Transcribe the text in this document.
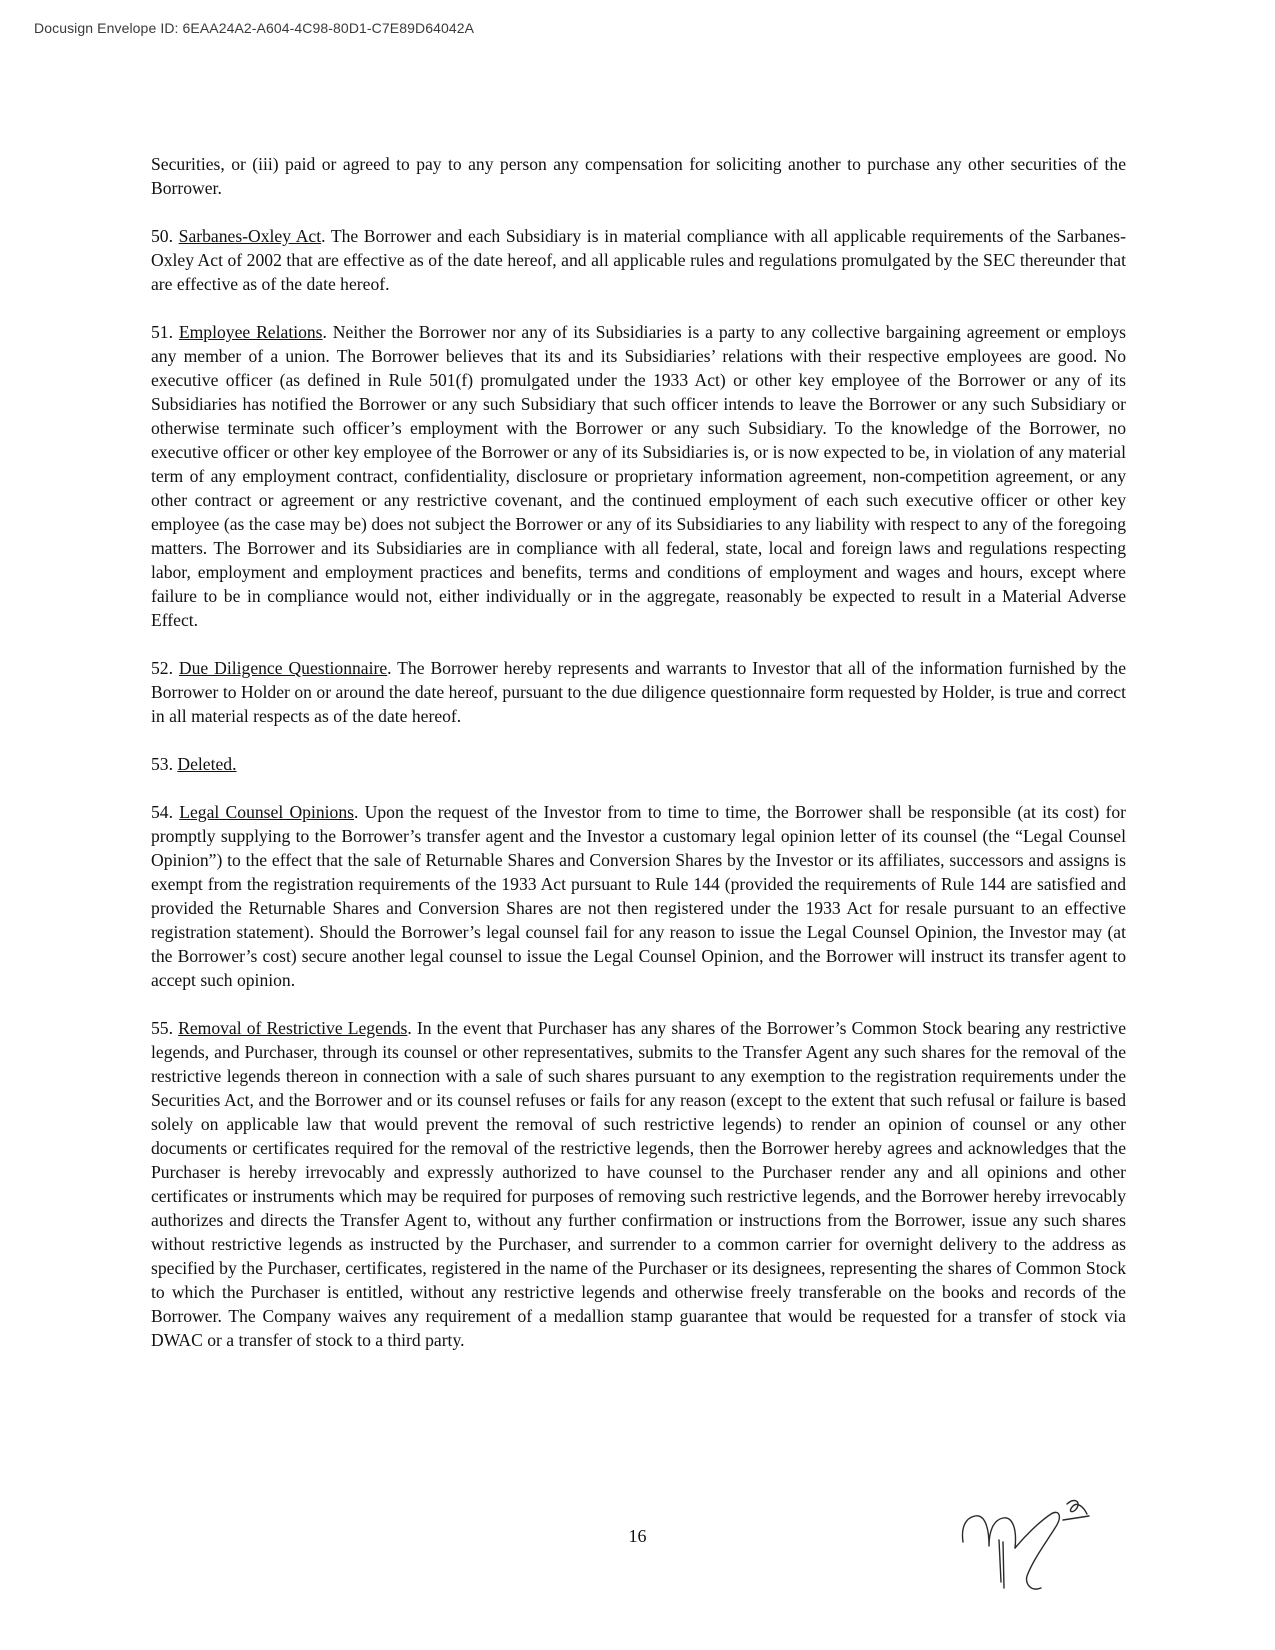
Docusign Envelope ID: 6EAA24A2-A604-4C98-80D1-C7E89D64042A

Securities, or (iii) paid or agreed to pay to any person any compensation for soliciting another to purchase any other securities of the Borrower.

50. Sarbanes-Oxley Act. The Borrower and each Subsidiary is in material compliance with all applicable requirements of the Sarbanes-Oxley Act of 2002 that are effective as of the date hereof, and all applicable rules and regulations promulgated by the SEC thereunder that are effective as of the date hereof.

51. Employee Relations. Neither the Borrower nor any of its Subsidiaries is a party to any collective bargaining agreement or employs any member of a union. The Borrower believes that its and its Subsidiaries’ relations with their respective employees are good. No executive officer (as defined in Rule 501(f) promulgated under the 1933 Act) or other key employee of the Borrower or any of its Subsidiaries has notified the Borrower or any such Subsidiary that such officer intends to leave the Borrower or any such Subsidiary or otherwise terminate such officer’s employment with the Borrower or any such Subsidiary. To the knowledge of the Borrower, no executive officer or other key employee of the Borrower or any of its Subsidiaries is, or is now expected to be, in violation of any material term of any employment contract, confidentiality, disclosure or proprietary information agreement, non-competition agreement, or any other contract or agreement or any restrictive covenant, and the continued employment of each such executive officer or other key employee (as the case may be) does not subject the Borrower or any of its Subsidiaries to any liability with respect to any of the foregoing matters. The Borrower and its Subsidiaries are in compliance with all federal, state, local and foreign laws and regulations respecting labor, employment and employment practices and benefits, terms and conditions of employment and wages and hours, except where failure to be in compliance would not, either individually or in the aggregate, reasonably be expected to result in a Material Adverse Effect.

52. Due Diligence Questionnaire. The Borrower hereby represents and warrants to Investor that all of the information furnished by the Borrower to Holder on or around the date hereof, pursuant to the due diligence questionnaire form requested by Holder, is true and correct in all material respects as of the date hereof.

53. Deleted.

54. Legal Counsel Opinions. Upon the request of the Investor from to time to time, the Borrower shall be responsible (at its cost) for promptly supplying to the Borrower’s transfer agent and the Investor a customary legal opinion letter of its counsel (the “Legal Counsel Opinion”) to the effect that the sale of Returnable Shares and Conversion Shares by the Investor or its affiliates, successors and assigns is exempt from the registration requirements of the 1933 Act pursuant to Rule 144 (provided the requirements of Rule 144 are satisfied and provided the Returnable Shares and Conversion Shares are not then registered under the 1933 Act for resale pursuant to an effective registration statement). Should the Borrower’s legal counsel fail for any reason to issue the Legal Counsel Opinion, the Investor may (at the Borrower’s cost) secure another legal counsel to issue the Legal Counsel Opinion, and the Borrower will instruct its transfer agent to accept such opinion.

55. Removal of Restrictive Legends. In the event that Purchaser has any shares of the Borrower’s Common Stock bearing any restrictive legends, and Purchaser, through its counsel or other representatives, submits to the Transfer Agent any such shares for the removal of the restrictive legends thereon in connection with a sale of such shares pursuant to any exemption to the registration requirements under the Securities Act, and the Borrower and or its counsel refuses or fails for any reason (except to the extent that such refusal or failure is based solely on applicable law that would prevent the removal of such restrictive legends) to render an opinion of counsel or any other documents or certificates required for the removal of the restrictive legends, then the Borrower hereby agrees and acknowledges that the Purchaser is hereby irrevocably and expressly authorized to have counsel to the Purchaser render any and all opinions and other certificates or instruments which may be required for purposes of removing such restrictive legends, and the Borrower hereby irrevocably authorizes and directs the Transfer Agent to, without any further confirmation or instructions from the Borrower, issue any such shares without restrictive legends as instructed by the Purchaser, and surrender to a common carrier for overnight delivery to the address as specified by the Purchaser, certificates, registered in the name of the Purchaser or its designees, representing the shares of Common Stock to which the Purchaser is entitled, without any restrictive legends and otherwise freely transferable on the books and records of the Borrower. The Company waives any requirement of a medallion stamp guarantee that would be requested for a transfer of stock via DWAC or a transfer of stock to a third party.

16
